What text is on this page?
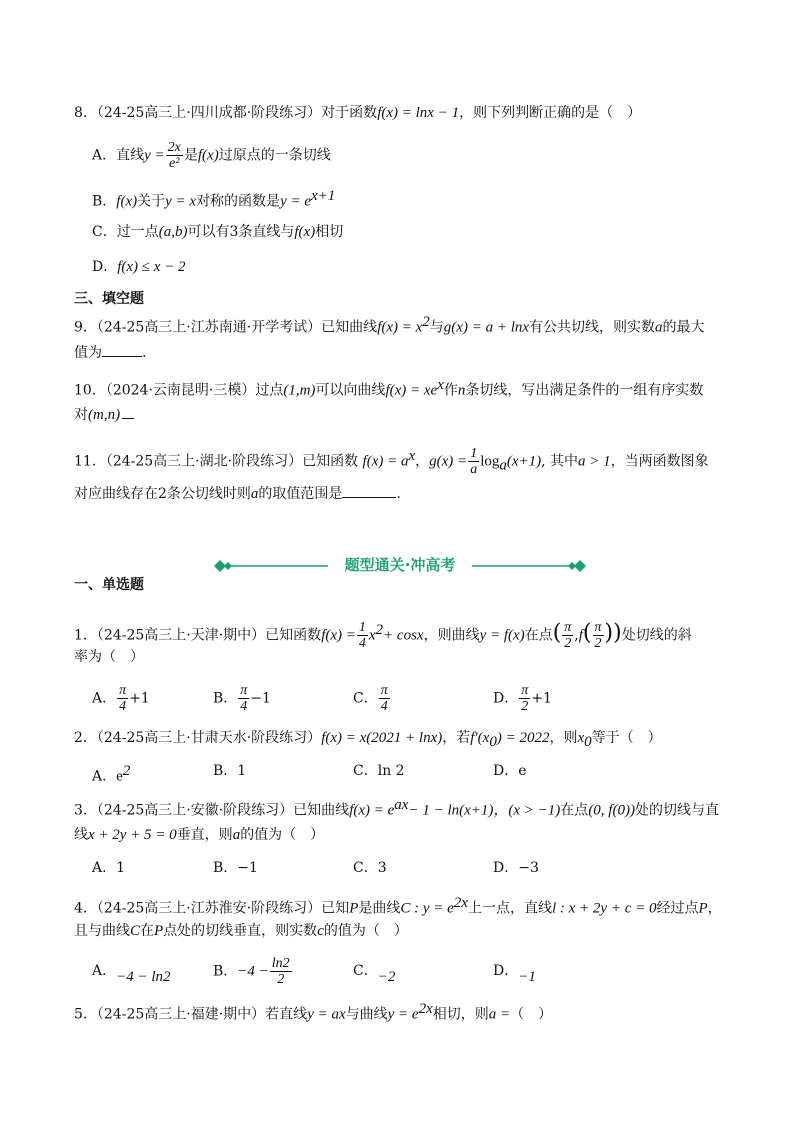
8．（24-25高三上·四川成都·阶段练习）对于函数f(x) = lnx − 1，则下列判断正确的是（　）
A．直线$y = \frac{2x}{\text{e²}}$ 是f(x)过原点的一条切线
B．f(x)关于y = x对称的函数是$y = e^{x+1}$
C．过一点(a,b)可以有3条直线与f(x)相切
D．f(x) ≤ x − 2
三、填空题
9．（24-25高三上·江苏南通·开学考试）已知曲线$f(x) = x^2$与g(x) = a + lnx有公共切线，则实数a的最大
值为	.
10．（2024·云南昆明·三模）过点(1,m)可以向曲线$f(x) = xe^x$作n条切线，写出满足条件的一组有序实数
对(m,n)
11．（24-25高三上·湖北·阶段练习）已知函数 $f(x) = a^x$，$g(x) = \frac{1}{a} \log_a(x+1)$, 其中a > 1，当两函数图象
对应曲线存在2条公切线时则a的取值范围是	.
题型通关·冲高考
一、单选题
1．（24-25高三上·天津·期中）已知函数$f(x) = \frac{1}{4} x^2+ \cos x$，则曲线y = f(x)在点( $\frac{\pi}{2} ,f( \frac{\pi}{2}$ ))处切线的斜
率为（　）
A． $\frac{\pi}{4} +1$	B． $\frac{\pi}{4} -1$	C． $\frac{\pi}{4}$	D． $\frac{\pi}{2} +1$
2．（24-25高三上·甘肃天水·阶段练习）f(x) = x(2021 + lnx)，若$f'(x_0) = 2022$，则$x_0$等于（　）
A．$e^2$	B．1	C．ln 2	D．e
3．（24-25高三上·安徽·阶段练习）已知曲线$f(x) = e^{ax}- 1 - \ln(x+1)$，(x > −1)在点(0, f(0))处的切线与直
线x + 2y + 5 = 0垂直，则a的值为（　）
A．1	B．−1	C．3	D．−3
4．（24-25高三上·江苏淮安·阶段练习）已知P是曲线C : $y = e^{2x}$上一点，直线l : x + 2y + c = 0经过点P，
且与曲线C在P点处的切线垂直，则实数c的值为（　）
A．−4 − ln2	B．$-4 - \frac{\ln 2}{2}$	C．−2	D．−1
5．（24-25高三上·福建·期中）若直线y = ax与曲线$y = e^{2x}$相切，则a =（　）
